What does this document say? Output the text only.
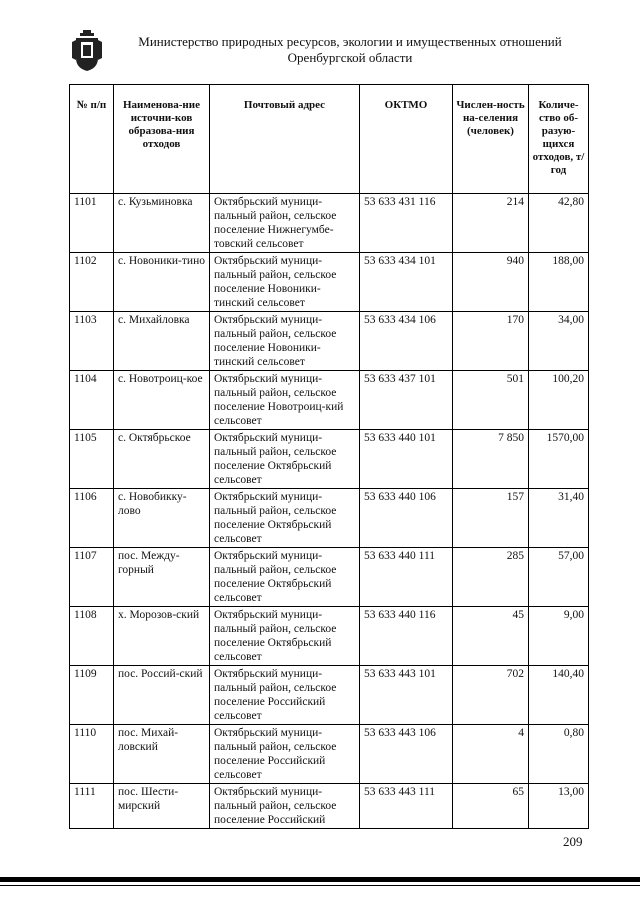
Министерство природных ресурсов, экологии и имущественных отношений
Оренбургской области
№ п/п	Наименова-ние источни-ков образова-ния отходов	Почтовый адрес	ОКТМО	Числен-ность на-селения (человек)	Количе-ство об-разую-щихся отходов, т/год
1101	с. Кузьминовка	Октябрьский муници-пальный район, сельское поселение Нижнегумбе-товский сельсовет	53 633 431 116	214	42,80
1102	с. Новоники-тино	Октябрьский муници-пальный район, сельское поселение Новоники-тинский сельсовет	53 633 434 101	940	188,00
1103	с. Михайловка	Октябрьский муници-пальный район, сельское поселение Новоники-тинский сельсовет	53 633 434 106	170	34,00
1104	с. Новотроиц-кое	Октябрьский муници-пальный район, сельское поселение Новотроиц-кий сельсовет	53 633 437 101	501	100,20
1105	с. Октябрьское	Октябрьский муници-пальный район, сельское поселение Октябрьский сельсовет	53 633 440 101	7 850	1570,00
1106	с. Новобикку-лово	Октябрьский муници-пальный район, сельское поселение Октябрьский сельсовет	53 633 440 106	157	31,40
1107	пос. Между-горный	Октябрьский муници-пальный район, сельское поселение Октябрьский сельсовет	53 633 440 111	285	57,00
1108	х. Морозов-ский	Октябрьский муници-пальный район, сельское поселение Октябрьский сельсовет	53 633 440 116	45	9,00
1109	пос. Россий-ский	Октябрьский муници-пальный район, сельское поселение Российский сельсовет	53 633 443 101	702	140,40
1110	пос. Михай-ловский	Октябрьский муници-пальный район, сельское поселение Российский сельсовет	53 633 443 106	4	0,80
1111	пос. Шести-мирский	Октябрьский муници-пальный район, сельское поселение Российский	53 633 443 111	65	13,00
209
